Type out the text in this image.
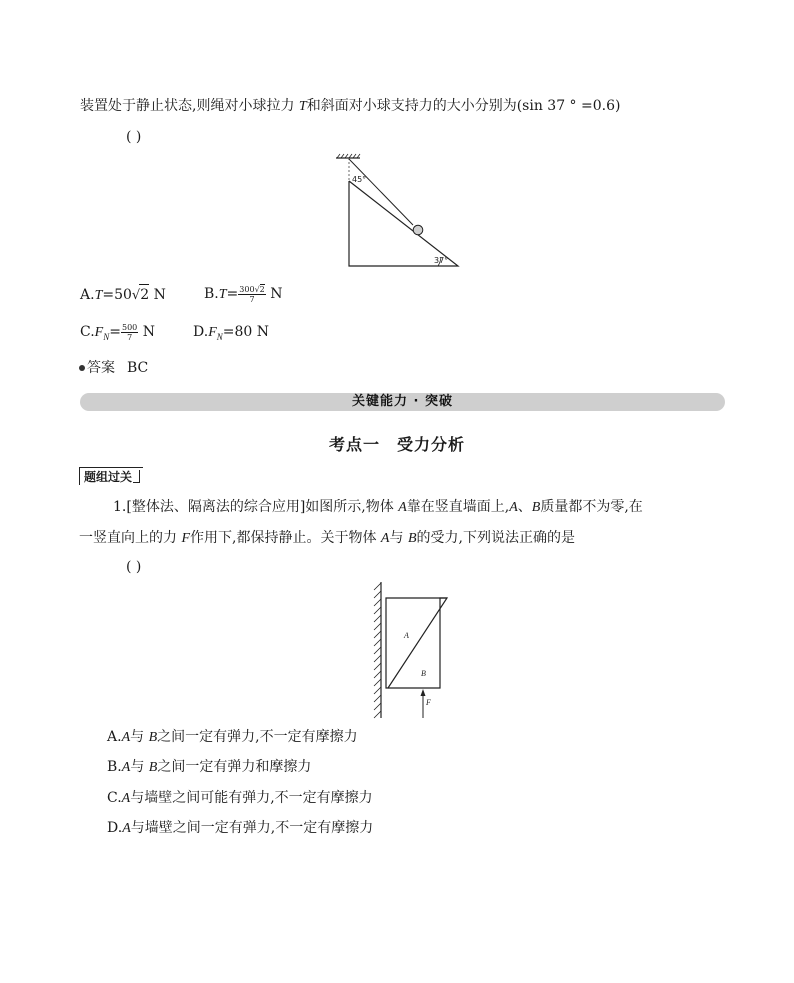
装置处于静止状态,则绳对小球拉力 T和斜面对小球支持力的大小分别为(sin 37 ° =0.6)
( )
45°
37°
A.T=50√2 N	$B.T= \frac{300√2}{7}$ N
$C.F_N= \frac{500}{7}$ N	$D.F_N=80$ N
答案 BC
关键能力 · 突破
考点一　受力分析
题组过关
1.[整体法、隔离法的综合应用]如图所示,物体 A靠在竖直墙面上,A、B质量都不为零,在
一竖直向上的力 F作用下,都保持静止。关于物体 A与 B的受力,下列说法正确的是
( )
A
B
F
A.A与 B之间一定有弹力,不一定有摩擦力
B.A与 B之间一定有弹力和摩擦力
C.A与墙壁之间可能有弹力,不一定有摩擦力
D.A与墙壁之间一定有弹力,不一定有摩擦力
